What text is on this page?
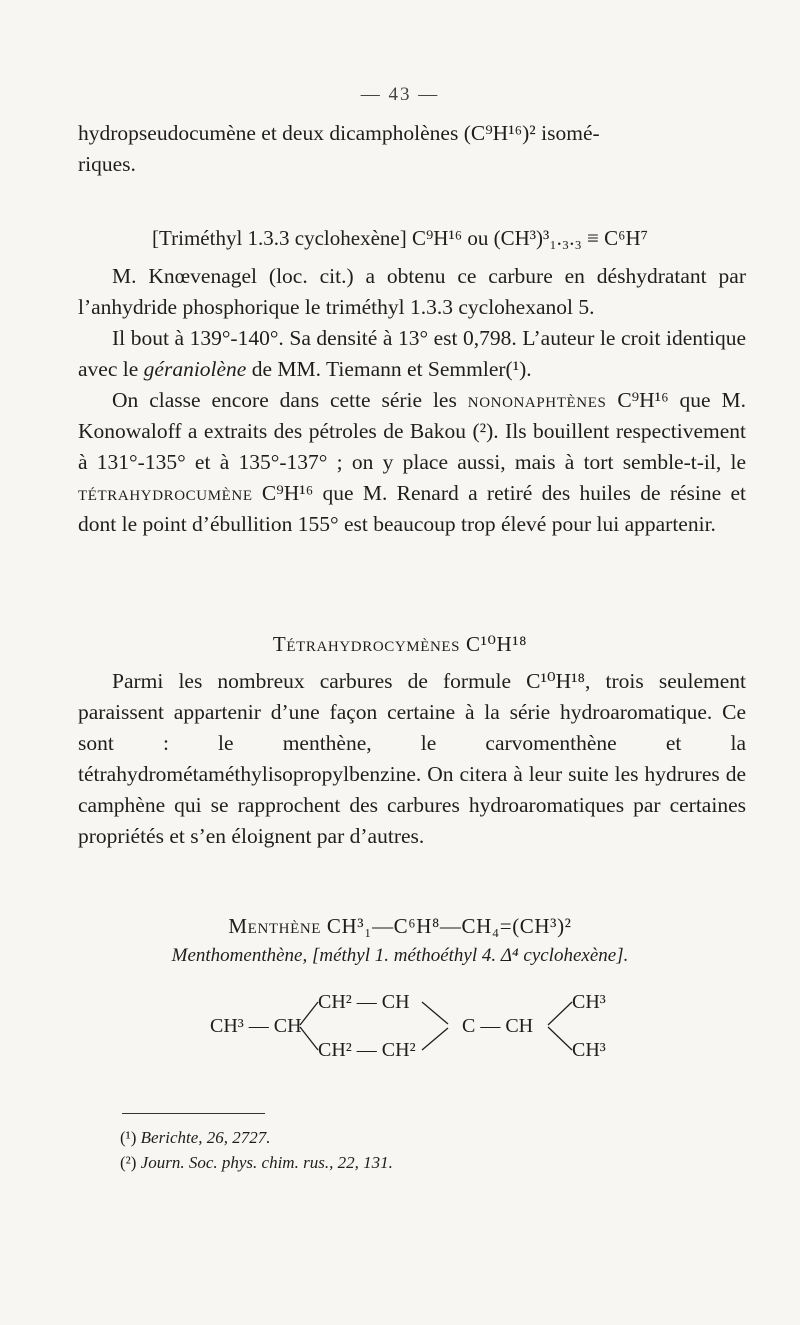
— 43 —

hydropseudocumène et deux dicampholènes (C⁹H¹⁶)² isomé-

riques.

[Triméthyl 1.3.3 cyclohexène] C⁹H¹⁶ ou (CH³)³₁.₃.₃ ≡ C⁶H⁷

M. Knœvenagel (loc. cit.) a obtenu ce carbure en déshydratant par l’anhydride phosphorique le triméthyl 1.3.3 cyclohexanol 5.

Il bout à 139°-140°. Sa densité à 13° est 0,798. L’auteur le croit identique avec le géraniolène de MM. Tiemann et Semmler(¹).

On classe encore dans cette série les nononaphtènes C⁹H¹⁶ que M. Konowaloff a extraits des pétroles de Bakou (²). Ils bouillent respectivement à 131°-135° et à 135°-137° ; on y place aussi, mais à tort semble-t-il, le tétrahydrocumène C⁹H¹⁶ que M. Renard a retiré des huiles de résine et dont le point d’ébullition 155° est beaucoup trop élevé pour lui appartenir.

Tétrahydrocymènes C¹⁰H¹⁸

Parmi les nombreux carbures de formule C¹⁰H¹⁸, trois seulement paraissent appartenir d’une façon certaine à la série hydroaromatique. Ce sont : le menthène, le carvomenthène et la tétrahydrométaméthylisopropylbenzine. On citera à leur suite les hydrures de camphène qui se rapprochent des carbures hydroaromatiques par certaines propriétés et s’en éloignent par d’autres.

Menthène CH³₁—C⁶H⁸—CH₄=(CH³)²
Menthomenthène, [méthyl 1. méthoéthyl 4. Δ⁴ cyclohexène].
CH³ — CH
CH² — CH
CH² — CH²
C — CH
CH³
CH³
(¹) Berichte, 26, 2727.
(²) Journ. Soc. phys. chim. rus., 22, 131.
